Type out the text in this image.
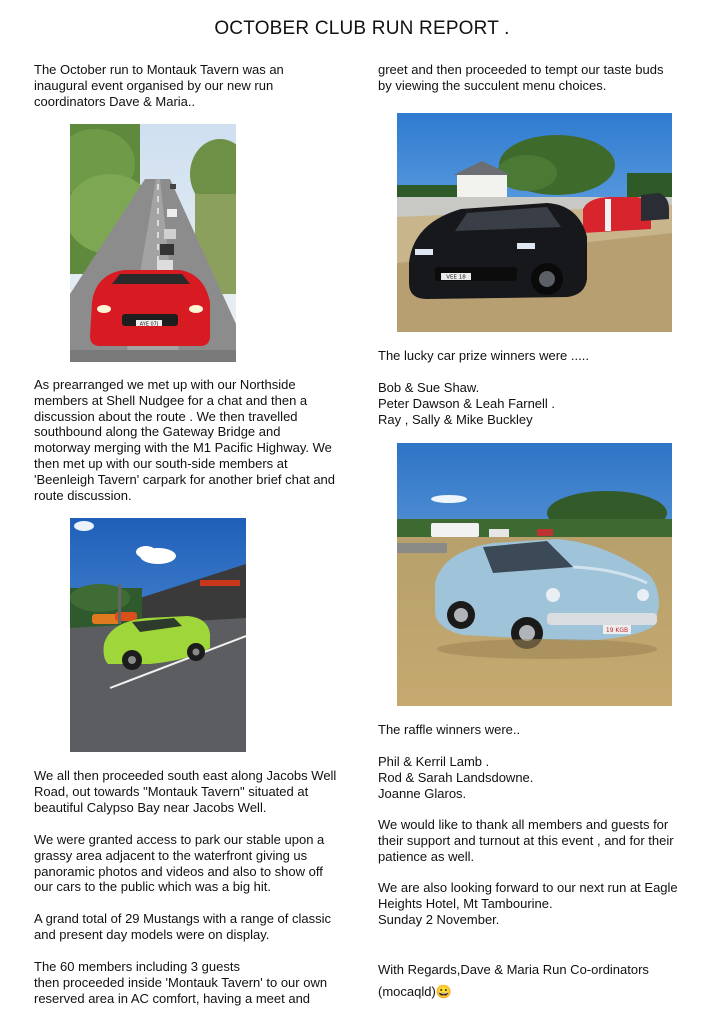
OCTOBER CLUB RUN REPORT .

The October run to Montauk Tavern was an
inaugural event organised by our new run
coordinators Dave & Maria..

AYE 07J

As prearranged we met up with our Northside
members at Shell Nudgee for a chat and then a
discussion about the route . We then travelled
southbound along the Gateway Bridge and
motorway merging with the M1 Pacific Highway. We
then met up with our south-side members at
'Beenleigh Tavern' carpark for another brief chat and
route discussion.

We all then proceeded south east along Jacobs Well
Road, out towards "Montauk Tavern" situated at
beautiful Calypso Bay near Jacobs Well.

We were granted access to park our stable upon a
grassy area adjacent to the waterfront giving us
panoramic photos and videos and also to show off
our cars to the public which was a big hit.

A grand total of 29 Mustangs with a range of classic
and present day models were on display.

The 60 members including 3 guests
then proceeded inside 'Montauk Tavern' to our own
reserved area in AC comfort, having a meet and

greet and then proceeded to tempt our taste buds
by viewing the succulent menu choices.

VEE 18

The lucky car prize winners were .....

Bob & Sue Shaw.
Peter Dawson & Leah Farnell .
Ray , Sally & Mike Buckley

19 KGB

The raffle winners were..

Phil & Kerril Lamb .
Rod & Sarah Landsdowne.
Joanne Glaros.

We would like to thank all members and guests for
their support and turnout at this event , and for their
patience as well.

We are also looking forward to our next run at Eagle
Heights Hotel, Mt Tambourine.
Sunday 2 November.

With Regards,Dave & Maria Run Co-ordinators
(mocaqld)😀
